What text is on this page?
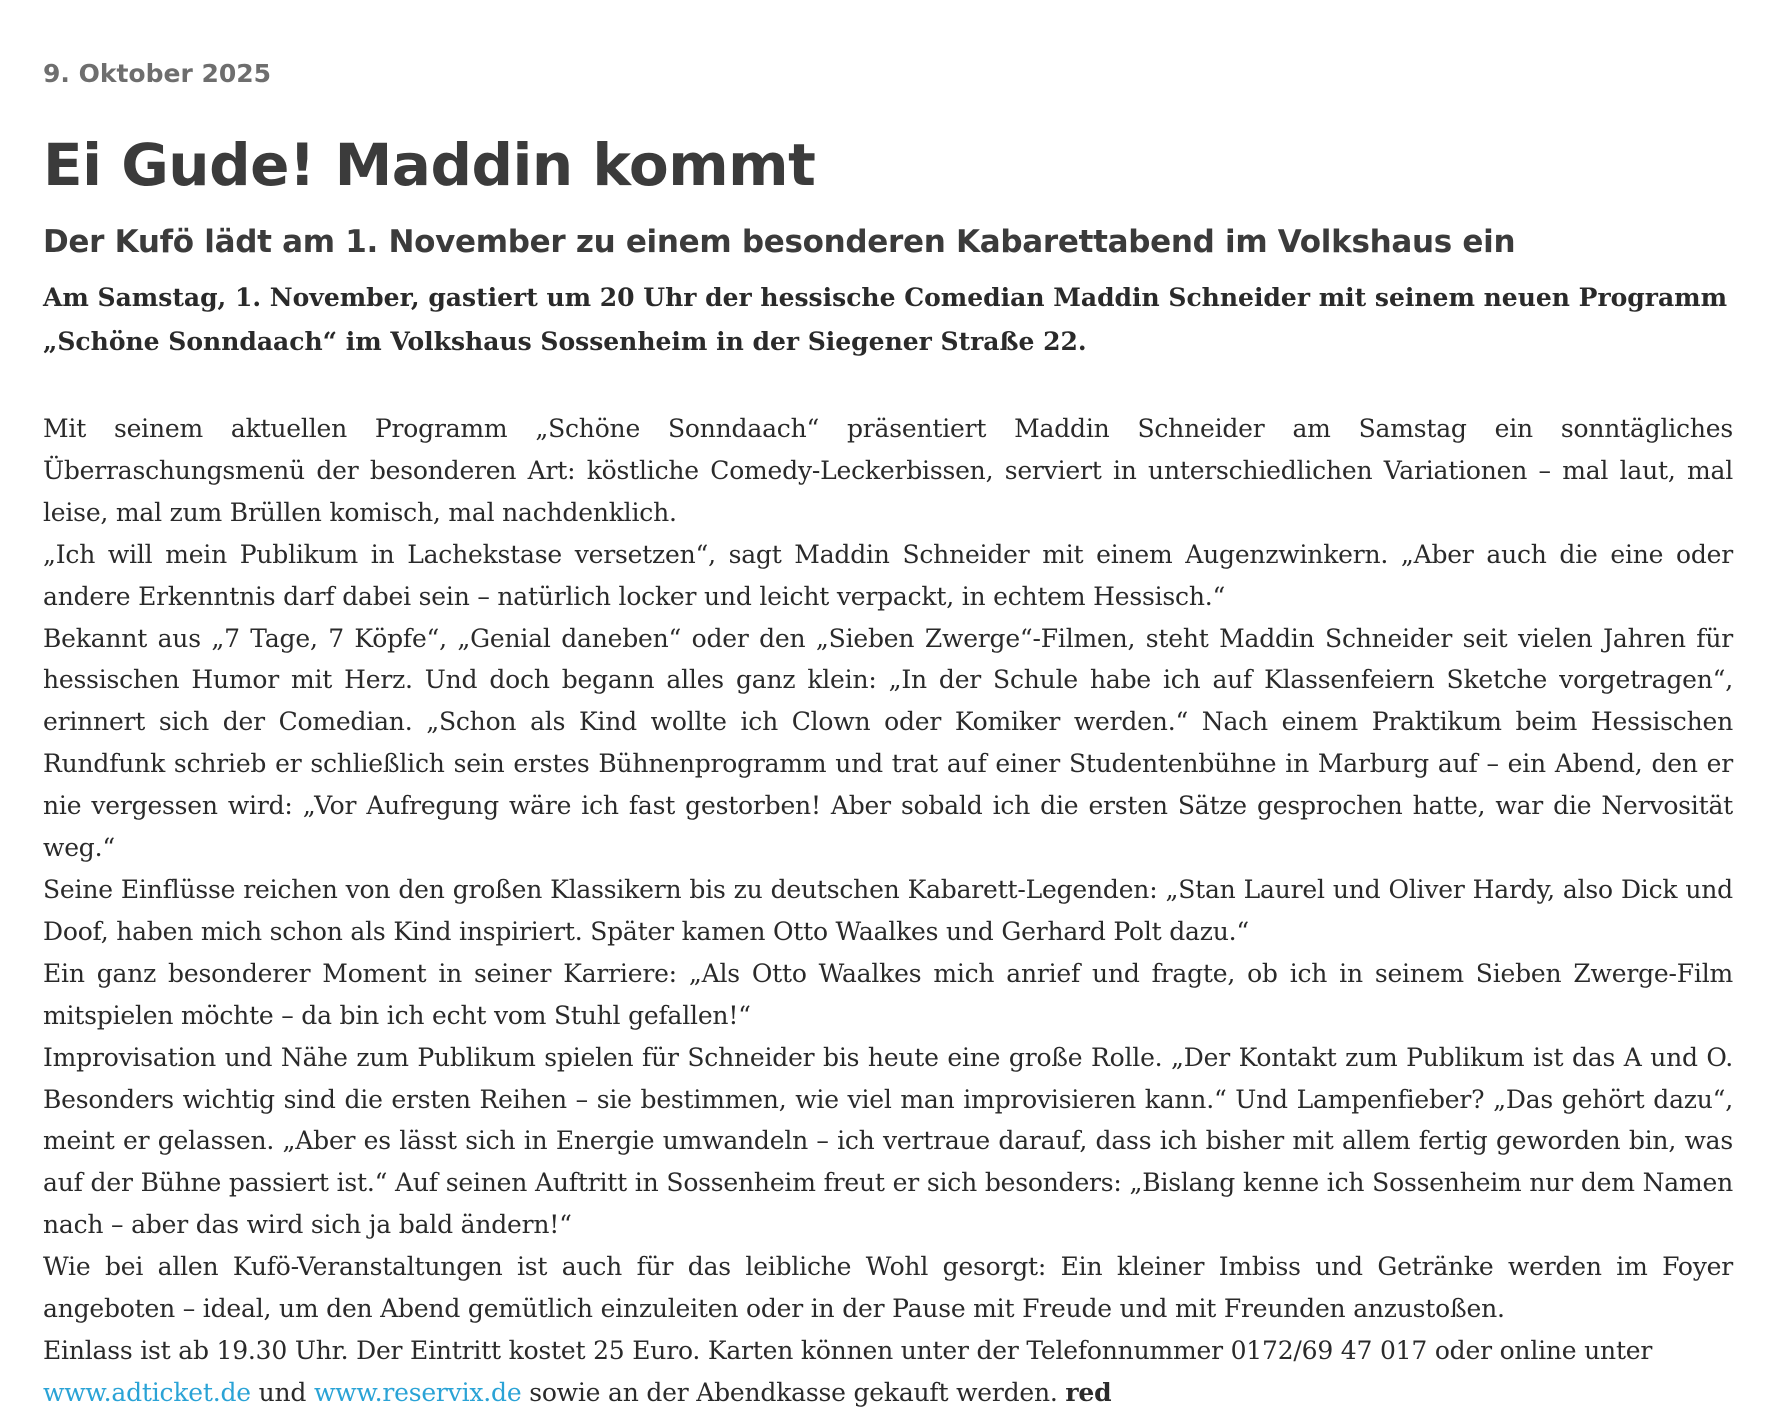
9. Oktober 2025
Ei Gude! Maddin kommt
Der Kufö lädt am 1. November zu einem besonderen Kabarettabend im Volkshaus ein

Am Samstag, 1. November, gastiert um 20 Uhr der hessische Comedian Maddin Schneider mit seinem neuen Programm

„Schöne Sonndaach“ im Volkshaus Sossenheim in der Siegener Straße 22.

Mit seinem aktuellen Programm „Schöne Sonndaach“ präsentiert Maddin Schneider am Samstag ein sonntägliches Überraschungsmenü der besonderen Art: köstliche Comedy-Leckerbissen, serviert in unterschiedlichen Variationen – mal laut, mal leise, mal zum Brüllen komisch, mal nachdenklich.

„Ich will mein Publikum in Lachekstase versetzen“, sagt Maddin Schneider mit einem Augenzwinkern. „Aber auch die eine oder andere Erkenntnis darf dabei sein – natürlich locker und leicht verpackt, in echtem Hessisch.“

Bekannt aus „7 Tage, 7 Köpfe“, „Genial daneben“ oder den „Sieben Zwerge“-Filmen, steht Maddin Schneider seit vielen Jahren für hessischen Humor mit Herz. Und doch begann alles ganz klein: „In der Schule habe ich auf Klassenfeiern Sketche vorgetragen“, erinnert sich der Comedian. „Schon als Kind wollte ich Clown oder Komiker werden.“ Nach einem Praktikum beim Hessischen Rundfunk schrieb er schließlich sein erstes Bühnenprogramm und trat auf einer Studentenbühne in Marburg auf – ein Abend, den er nie vergessen wird: „Vor Aufregung wäre ich fast gestorben! Aber sobald ich die ersten Sätze gesprochen hatte, war die Nervosität weg.“

Seine Einflüsse reichen von den großen Klassikern bis zu deutschen Kabarett-Legenden: „Stan Laurel und Oliver Hardy, also Dick und Doof, haben mich schon als Kind inspiriert. Später kamen Otto Waalkes und Gerhard Polt dazu.“

Ein ganz besonderer Moment in seiner Karriere: „Als Otto Waalkes mich anrief und fragte, ob ich in seinem Sieben Zwerge-Film mitspielen möchte – da bin ich echt vom Stuhl gefallen!“

Improvisation und Nähe zum Publikum spielen für Schneider bis heute eine große Rolle. „Der Kontakt zum Publikum ist das A und O. Besonders wichtig sind die ersten Reihen – sie bestimmen, wie viel man improvisieren kann.“ Und Lampenfieber? „Das gehört dazu“, meint er gelassen. „Aber es lässt sich in Energie umwandeln – ich vertraue darauf, dass ich bisher mit allem fertig geworden bin, was auf der Bühne passiert ist.“ Auf seinen Auftritt in Sossenheim freut er sich besonders: „Bislang kenne ich Sossenheim nur dem Namen nach – aber das wird sich ja bald ändern!“

Wie bei allen Kufö-Veranstaltungen ist auch für das leibliche Wohl gesorgt: Ein kleiner Imbiss und Getränke werden im Foyer angeboten – ideal, um den Abend gemütlich einzuleiten oder in der Pause mit Freude und mit Freunden anzustoßen.

Einlass ist ab 19.30 Uhr. Der Eintritt kostet 25 Euro. Karten können unter der Telefonnummer 0172/69 47 017 oder online unter www.adticket.de und www.reservix.de sowie an der Abendkasse gekauft werden. red
